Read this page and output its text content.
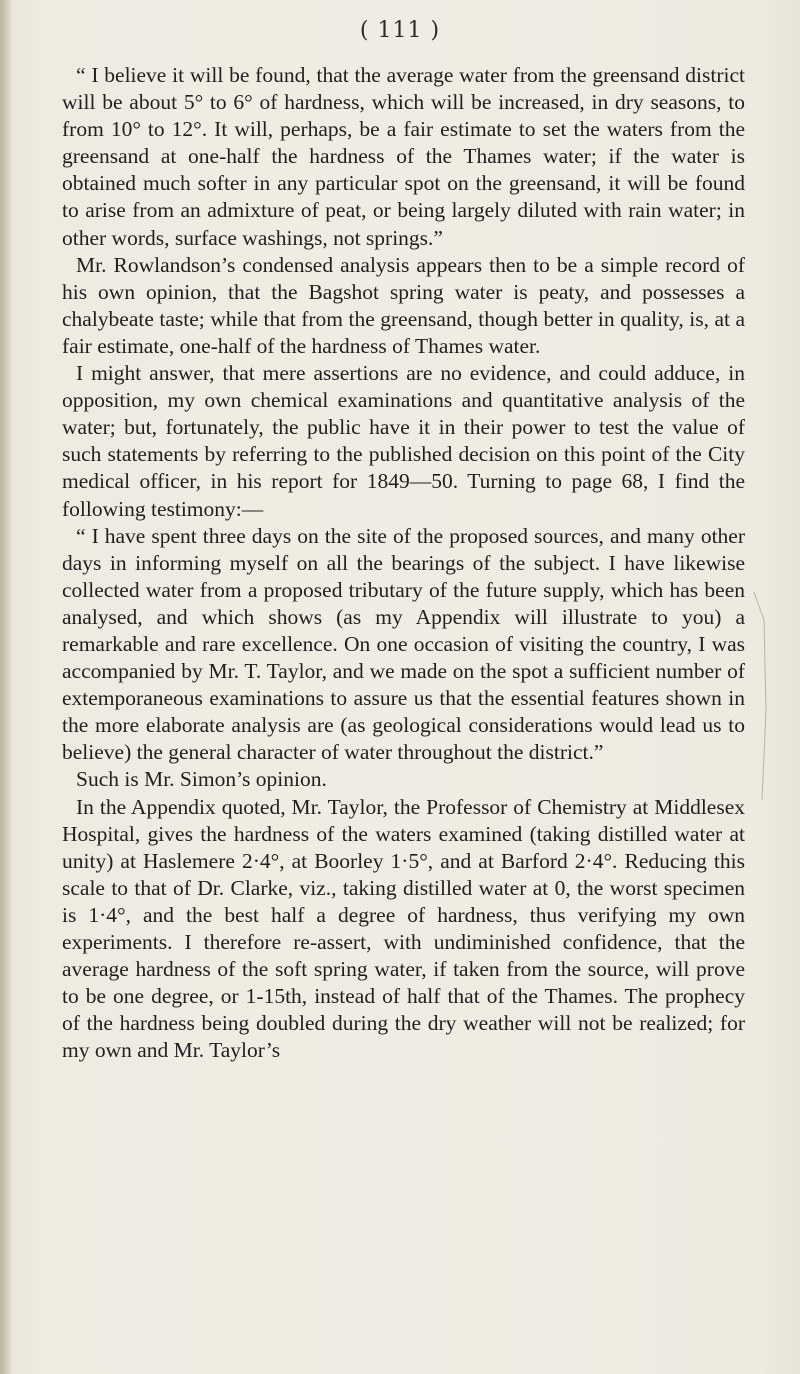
( 111 )

“ I believe it will be found, that the average water from the greensand district will be about 5° to 6° of hardness, which will be increased, in dry seasons, to from 10° to 12°. It will, perhaps, be a fair estimate to set the waters from the greensand at one-half the hardness of the Thames water; if the water is obtained much softer in any particular spot on the greensand, it will be found to arise from an admixture of peat, or being largely diluted with rain water; in other words, surface washings, not springs.”

Mr. Rowlandson’s condensed analysis appears then to be a simple record of his own opinion, that the Bagshot spring water is peaty, and possesses a chalybeate taste; while that from the greensand, though better in quality, is, at a fair estimate, one-half of the hardness of Thames water.

I might answer, that mere assertions are no evidence, and could adduce, in opposition, my own chemical examinations and quantitative analysis of the water; but, fortunately, the public have it in their power to test the value of such statements by referring to the published decision on this point of the City medical officer, in his report for 1849—50. Turning to page 68, I find the following testimony:—

“ I have spent three days on the site of the proposed sources, and many other days in informing myself on all the bearings of the subject. I have likewise collected water from a proposed tributary of the future supply, which has been analysed, and which shows (as my Appendix will illustrate to you) a remarkable and rare excellence. On one occasion of visiting the country, I was accompanied by Mr. T. Taylor, and we made on the spot a sufficient number of extemporaneous examinations to assure us that the essential features shown in the more elaborate analysis are (as geological considerations would lead us to believe) the general character of water throughout the district.”

Such is Mr. Simon’s opinion.

In the Appendix quoted, Mr. Taylor, the Professor of Chemistry at Middlesex Hospital, gives the hardness of the waters examined (taking distilled water at unity) at Haslemere 2·4°, at Boorley 1·5°, and at Barford 2·4°. Reducing this scale to that of Dr. Clarke, viz., taking distilled water at 0, the worst specimen is 1·4°, and the best half a degree of hardness, thus verifying my own experiments. I therefore re-assert, with undiminished confidence, that the average hardness of the soft spring water, if taken from the source, will prove to be one degree, or 1-15th, instead of half that of the Thames. The prophecy of the hardness being doubled during the dry weather will not be realized; for my own and Mr. Taylor’s
